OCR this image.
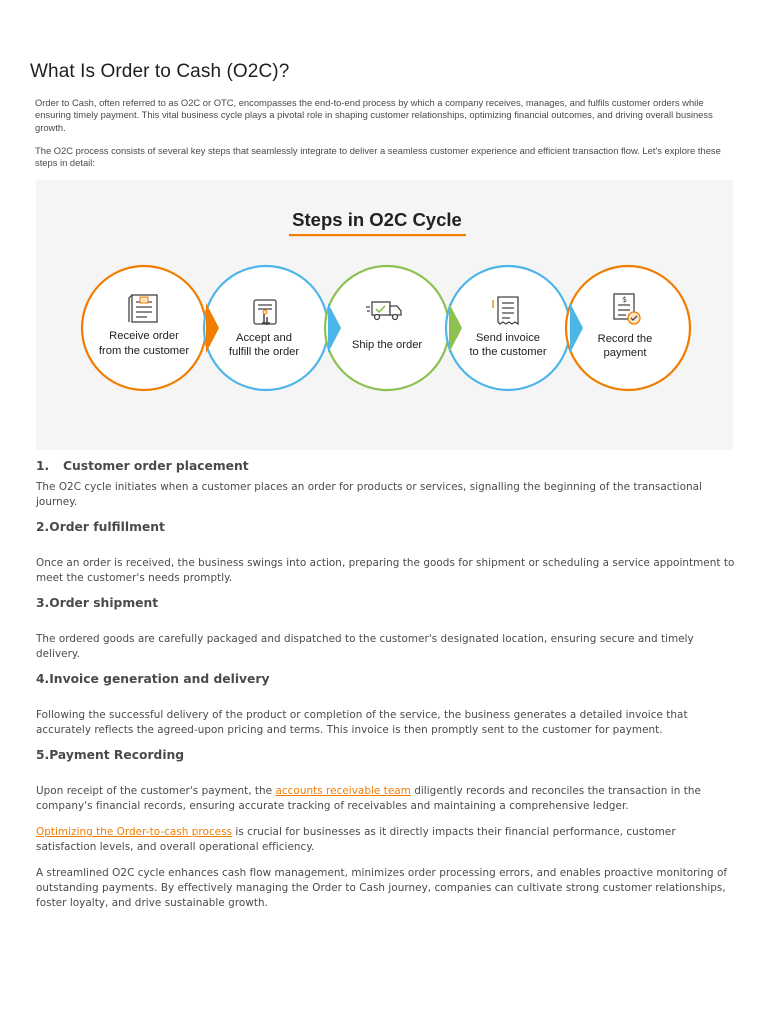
What Is Order to Cash (O2C)?

Order to Cash, often referred to as O2C or OTC, encompasses the end-to-end process by which a company receives, manages, and fulfils customer orders while ensuring timely payment. This vital business cycle plays a pivotal role in shaping customer relationships, optimizing financial outcomes, and driving overall business growth.

The O2C process consists of several key steps that seamlessly integrate to deliver a seamless customer experience and efficient transaction flow. Let's explore these steps in detail:

Steps in O2C Cycle
$
Receive order
from the customer
Accept and
fulfill the order
Ship the order
Send invoice
to the customer
Record the
payment
1. Customer order placement

The O2C cycle initiates when a customer places an order for products or services, signalling the beginning of the transactional journey.

2.Order fulfillment

Once an order is received, the business swings into action, preparing the goods for shipment or scheduling a service appointment to meet the customer's needs promptly.

3.Order shipment

The ordered goods are carefully packaged and dispatched to the customer's designated location, ensuring secure and timely delivery.

4.Invoice generation and delivery

Following the successful delivery of the product or completion of the service, the business generates a detailed invoice that accurately reflects the agreed-upon pricing and terms. This invoice is then promptly sent to the customer for payment.

5.Payment Recording

Upon receipt of the customer's payment, the accounts receivable team diligently records and reconciles the transaction in the company's financial records, ensuring accurate tracking of receivables and maintaining a comprehensive ledger.

Optimizing the Order-to-cash process is crucial for businesses as it directly impacts their financial performance, customer satisfaction levels, and overall operational efficiency.

A streamlined O2C cycle enhances cash flow management, minimizes order processing errors, and enables proactive monitoring of outstanding payments. By effectively managing the Order to Cash journey, companies can cultivate strong customer relationships, foster loyalty, and drive sustainable growth.
